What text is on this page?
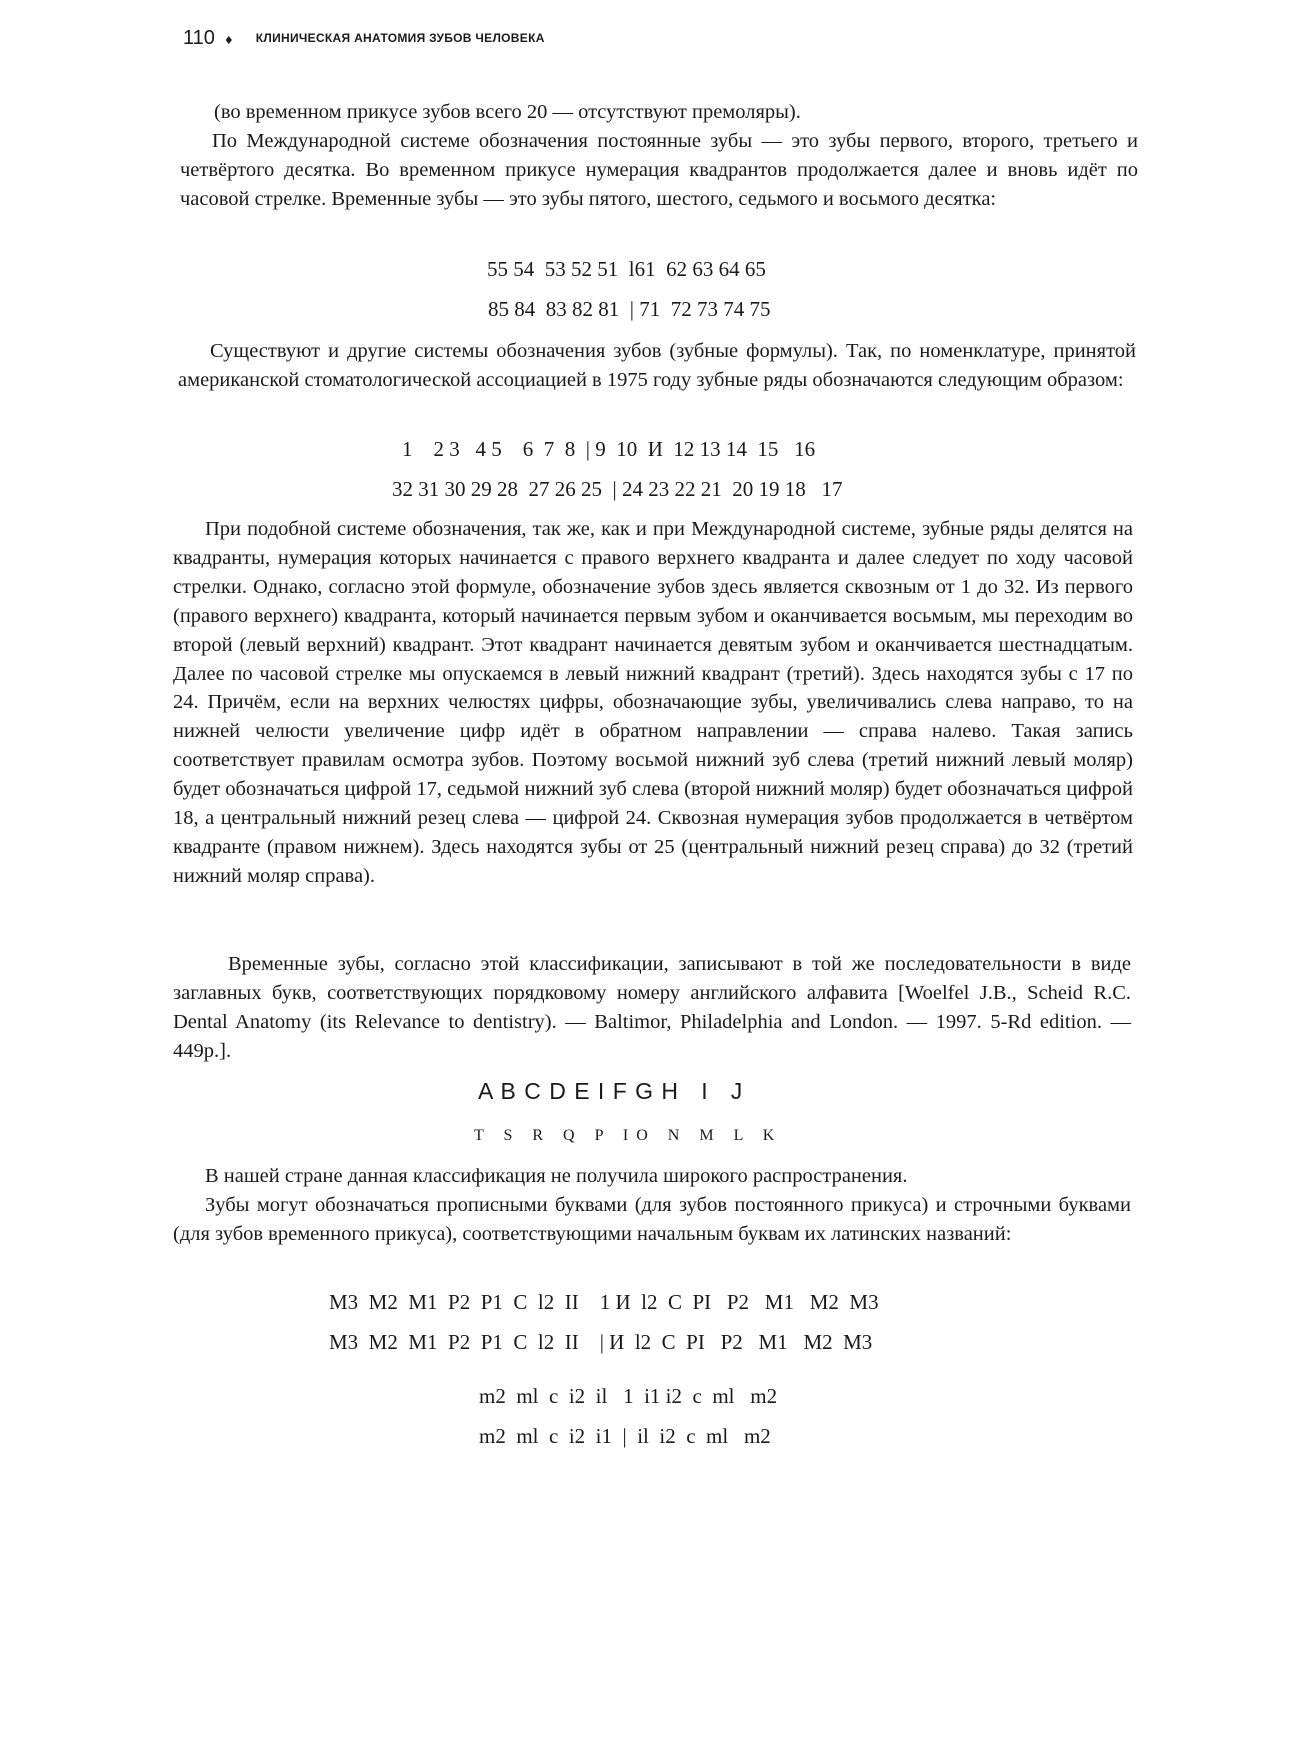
110 ♦ КЛИНИЧЕСКАЯ АНАТОМИЯ ЗУБОВ ЧЕЛОВЕКА

(во временном прикусе зубов всего 20 — отсутствуют премоляры).

По Международной системе обозначения постоянные зубы — это зубы первого, второго, третьего и четвёртого десятка. Во временном прикусе нумерация квадрантов продолжается далее и вновь идёт по часовой стрелке. Временные зубы — это зубы пятого, шестого, седьмого и восьмого десятка:

55 54  53 52 51  l61  62 63 64 65
85 84  83 82 81  | 71  72 73 74 75

Существуют и другие системы обозначения зубов (зубные формулы). Так, по номенклатуре, принятой американской стоматологической ассоциацией в 1975 году зубные ряды обозначаются следующим образом:

1    2 3   4 5    6  7  8  | 9  10  И  12 13 14  15   16
32 31 30 29 28  27 26 25  | 24 23 22 21  20 19 18   17

При подобной системе обозначения, так же, как и при Международной системе, зубные ряды делятся на квадранты, нумерация которых начинается с правого верхнего квадранта и далее следует по ходу часовой стрелки. Однако, согласно этой формуле, обозначение зубов здесь является сквозным от 1 до 32. Из первого (правого верхнего) квадранта, который начинается первым зубом и оканчивается восьмым, мы переходим во второй (левый верхний) квадрант. Этот квадрант начинается девятым зубом и оканчивается шестнадцатым. Далее по часовой стрелке мы опускаемся в левый нижний квадрант (третий). Здесь находятся зубы с 17 по 24. Причём, если на верхних челюстях цифры, обозначающие зубы, увеличивались слева направо, то на нижней челюсти увеличение цифр идёт в обратном направлении — справа налево. Такая запись соответствует правилам осмотра зубов. Поэтому восьмой нижний зуб слева (третий нижний левый моляр) будет обозначаться цифрой 17, седьмой нижний зуб слева (второй нижний моляр) будет обозначаться цифрой 18, а центральный нижний резец слева — цифрой 24. Сквозная нумерация зубов продолжается в четвёртом квадранте (правом нижнем). Здесь находятся зубы от 25 (центральный нижний резец справа) до 32 (третий нижний моляр справа).

Временные зубы, согласно этой классификации, записывают в той же последовательности в виде заглавных букв, соответствующих порядковому номеру английского алфавита [Woelfel J.B., Scheid R.C. Dental Anatomy (its Relevance to dentistry). — Baltimor, Philadelphia and London. — 1997. 5-Rd edition. — 449p.].

A B C D E I F G H   I   J
T   S   R   Q   P   I O   N   M   L   K

В нашей стране данная классификация не получила широкого распространения.

Зубы могут обозначаться прописными буквами (для зубов постоянного прикуса) и строчными буквами (для зубов временного прикуса), соответствующими начальным буквам их латинских названий:

M3  M2  M1  P2  P1  C  l2  II    1 И  l2  C  PI   P2   M1   M2  M3
M3  M2  M1  P2  P1  C  l2  II    | И  l2  C  PI   P2   M1   M2  M3
m2  ml  c  i2  il   1  i1 i2  c  ml   m2
m2  ml  c  i2  i1  |  il  i2  c  ml   m2
